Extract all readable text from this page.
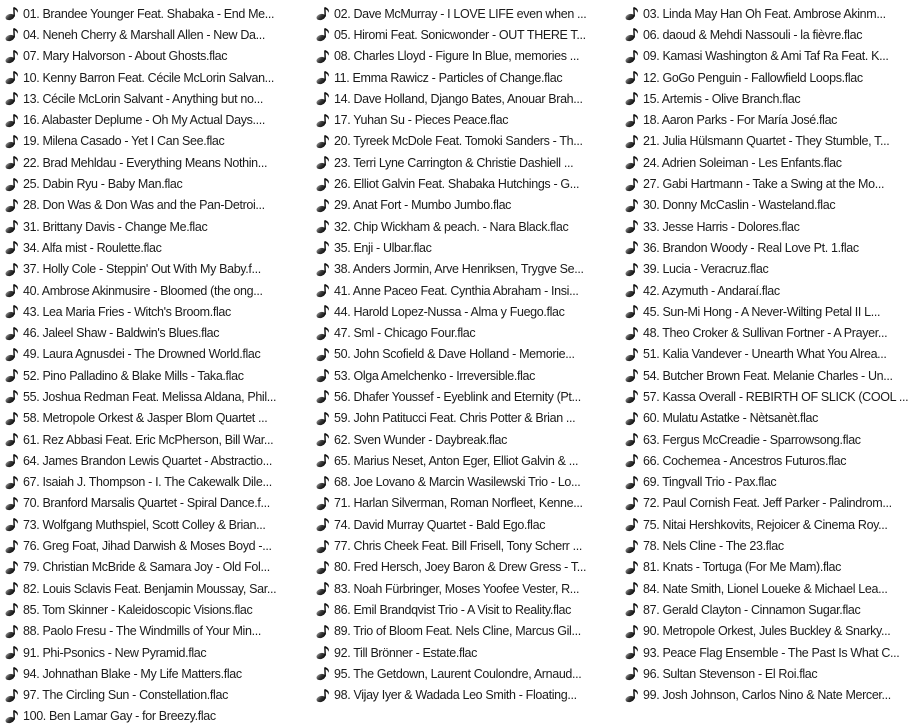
01. Brandee Younger Feat. Shabaka - End Me...	02. Dave McMurray - I LOVE LIFE even when ...	03. Linda May Han Oh Feat. Ambrose Akinm...
04. Neneh Cherry & Marshall Allen - New Da...	05. Hiromi Feat. Sonicwonder - OUT THERE T...	06. daoud & Mehdi Nassouli - la fièvre.flac
07. Mary Halvorson - About Ghosts.flac	08. Charles Lloyd - Figure In Blue, memories ...	09. Kamasi Washington & Ami Taf Ra Feat. K...
10. Kenny Barron Feat. Cécile McLorin Salvan...	11. Emma Rawicz - Particles of Change.flac	12. GoGo Penguin - Fallowfield Loops.flac
13. Cécile McLorin Salvant - Anything but no...	14. Dave Holland, Django Bates, Anouar Brah...	15. Artemis - Olive Branch.flac
16. Alabaster Deplume - Oh My Actual Days....	17. Yuhan Su - Pieces Peace.flac	18. Aaron Parks - For María José.flac
19. Milena Casado - Yet I Can See.flac	20. Tyreek McDole Feat. Tomoki Sanders - Th...	21. Julia Hülsmann Quartet - They Stumble, T...
22. Brad Mehldau - Everything Means Nothin...	23. Terri Lyne Carrington & Christie Dashiell ...	24. Adrien Soleiman - Les Enfants.flac
25. Dabin Ryu - Baby Man.flac	26. Elliot Galvin Feat. Shabaka Hutchings - G...	27. Gabi Hartmann - Take a Swing at the Mo...
28. Don Was & Don Was and the Pan-Detroi...	29. Anat Fort - Mumbo Jumbo.flac	30. Donny McCaslin - Wasteland.flac
31. Brittany Davis - Change Me.flac	32. Chip Wickham & peach. - Nara Black.flac	33. Jesse Harris - Dolores.flac
34. Alfa mist - Roulette.flac	35. Enji - Ulbar.flac	36. Brandon Woody - Real Love Pt. 1.flac
37. Holly Cole - Steppin' Out With My Baby.f...	38. Anders Jormin, Arve Henriksen, Trygve Se...	39. Lucia - Veracruz.flac
40. Ambrose Akinmusire - Bloomed (the ong...	41. Anne Paceo Feat. Cynthia Abraham - Insi...	42. Azymuth - Andaraí.flac
43. Lea Maria Fries - Witch's Broom.flac	44. Harold Lopez-Nussa - Alma y Fuego.flac	45. Sun-Mi Hong - A Never-Wilting Petal II L...
46. Jaleel Shaw - Baldwin's Blues.flac	47. Sml - Chicago Four.flac	48. Theo Croker & Sullivan Fortner - A Prayer...
49. Laura Agnusdei - The Drowned World.flac	50. John Scofield & Dave Holland - Memorie...	51. Kalia Vandever - Unearth What You Alrea...
52. Pino Palladino & Blake Mills - Taka.flac	53. Olga Amelchenko - Irreversible.flac	54. Butcher Brown Feat. Melanie Charles - Un...
55. Joshua Redman Feat. Melissa Aldana, Phil...	56. Dhafer Youssef - Eyeblink and Eternity (Pt...	57. Kassa Overall - REBIRTH OF SLICK (COOL ...
58. Metropole Orkest & Jasper Blom Quartet ...	59. John Patitucci Feat. Chris Potter & Brian ...	60. Mulatu Astatke - Nètsanèt.flac
61. Rez Abbasi Feat. Eric McPherson, Bill War...	62. Sven Wunder - Daybreak.flac	63. Fergus McCreadie - Sparrowsong.flac
64. James Brandon Lewis Quartet - Abstractio...	65. Marius Neset, Anton Eger, Elliot Galvin & ...	66. Cochemea - Ancestros Futuros.flac
67. Isaiah J. Thompson - I. The Cakewalk Dile...	68. Joe Lovano & Marcin Wasilewski Trio - Lo...	69. Tingvall Trio - Pax.flac
70. Branford Marsalis Quartet - Spiral Dance.f...	71. Harlan Silverman, Roman Norfleet, Kenne...	72. Paul Cornish Feat. Jeff Parker - Palindrom...
73. Wolfgang Muthspiel, Scott Colley & Brian...	74. David Murray Quartet - Bald Ego.flac	75. Nitai Hershkovits, Rejoicer & Cinema Roy...
76. Greg Foat, Jihad Darwish & Moses Boyd -...	77. Chris Cheek Feat. Bill Frisell, Tony Scherr ...	78. Nels Cline - The 23.flac
79. Christian McBride & Samara Joy - Old Fol...	80. Fred Hersch, Joey Baron & Drew Gress - T...	81. Knats - Tortuga (For Me Mam).flac
82. Louis Sclavis Feat. Benjamin Moussay, Sar...	83. Noah Fürbringer, Moses Yoofee Vester, R...	84. Nate Smith, Lionel Loueke & Michael Lea...
85. Tom Skinner - Kaleidoscopic Visions.flac	86. Emil Brandqvist Trio - A Visit to Reality.flac	87. Gerald Clayton - Cinnamon Sugar.flac
88. Paolo Fresu - The Windmills of Your Min...	89. Trio of Bloom Feat. Nels Cline, Marcus Gil...	90. Metropole Orkest, Jules Buckley & Snarky...
91. Phi-Psonics - New Pyramid.flac	92. Till Brönner - Estate.flac	93. Peace Flag Ensemble - The Past Is What C...
94. Johnathan Blake - My Life Matters.flac	95. The Getdown, Laurent Coulondre, Arnaud...	96. Sultan Stevenson - El Roi.flac
97. The Circling Sun - Constellation.flac	98. Vijay Iyer & Wadada Leo Smith - Floating...	99. Josh Johnson, Carlos Nino & Nate Mercer...
100. Ben Lamar Gay - for Breezy.flac
